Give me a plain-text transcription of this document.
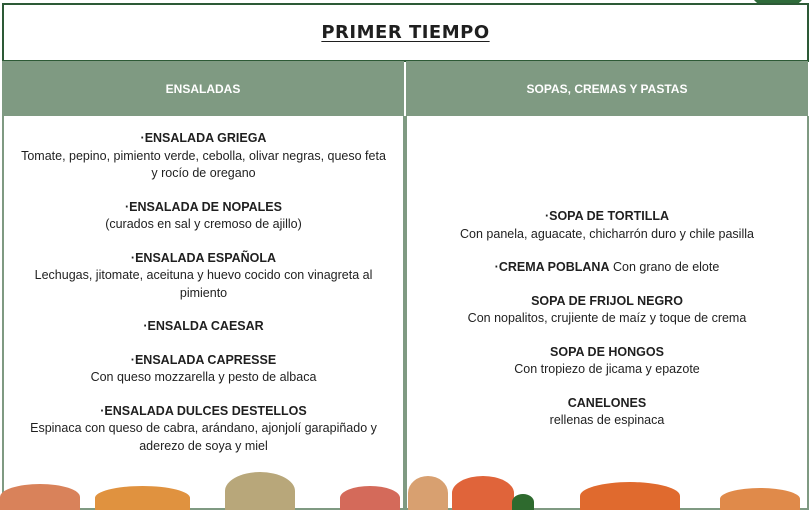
PRIMER TIEMPO
ENSALADAS	SOPAS, CREMAS Y PASTAS
·ENSALADA GRIEGA
Tomate, pepino, pimiento verde, cebolla, olivar negras, queso feta y rocío de oregano
·ENSALADA DE NOPALES
(curados en sal y cremoso de ajillo)
·ENSALADA ESPAÑOLA
Lechugas, jitomate, aceituna y huevo cocido con vinagreta al pimiento
·ENSALDA CAESAR
·ENSALADA CAPRESSE
Con queso mozzarella y pesto de albaca
·ENSALADA DULCES DESTELLOS
Espinaca con queso de cabra, arándano, ajonjolí garapiñado y aderezo de soya y miel
·SOPA DE TORTILLA
Con panela, aguacate, chicharrón duro y chile pasilla
·CREMA POBLANA Con grano de elote
SOPA DE FRIJOL NEGRO
Con nopalitos, crujiente de maíz y toque de crema
SOPA DE HONGOS
Con tropiezo de jicama y epazote
CANELONES
rellenas de espinaca
